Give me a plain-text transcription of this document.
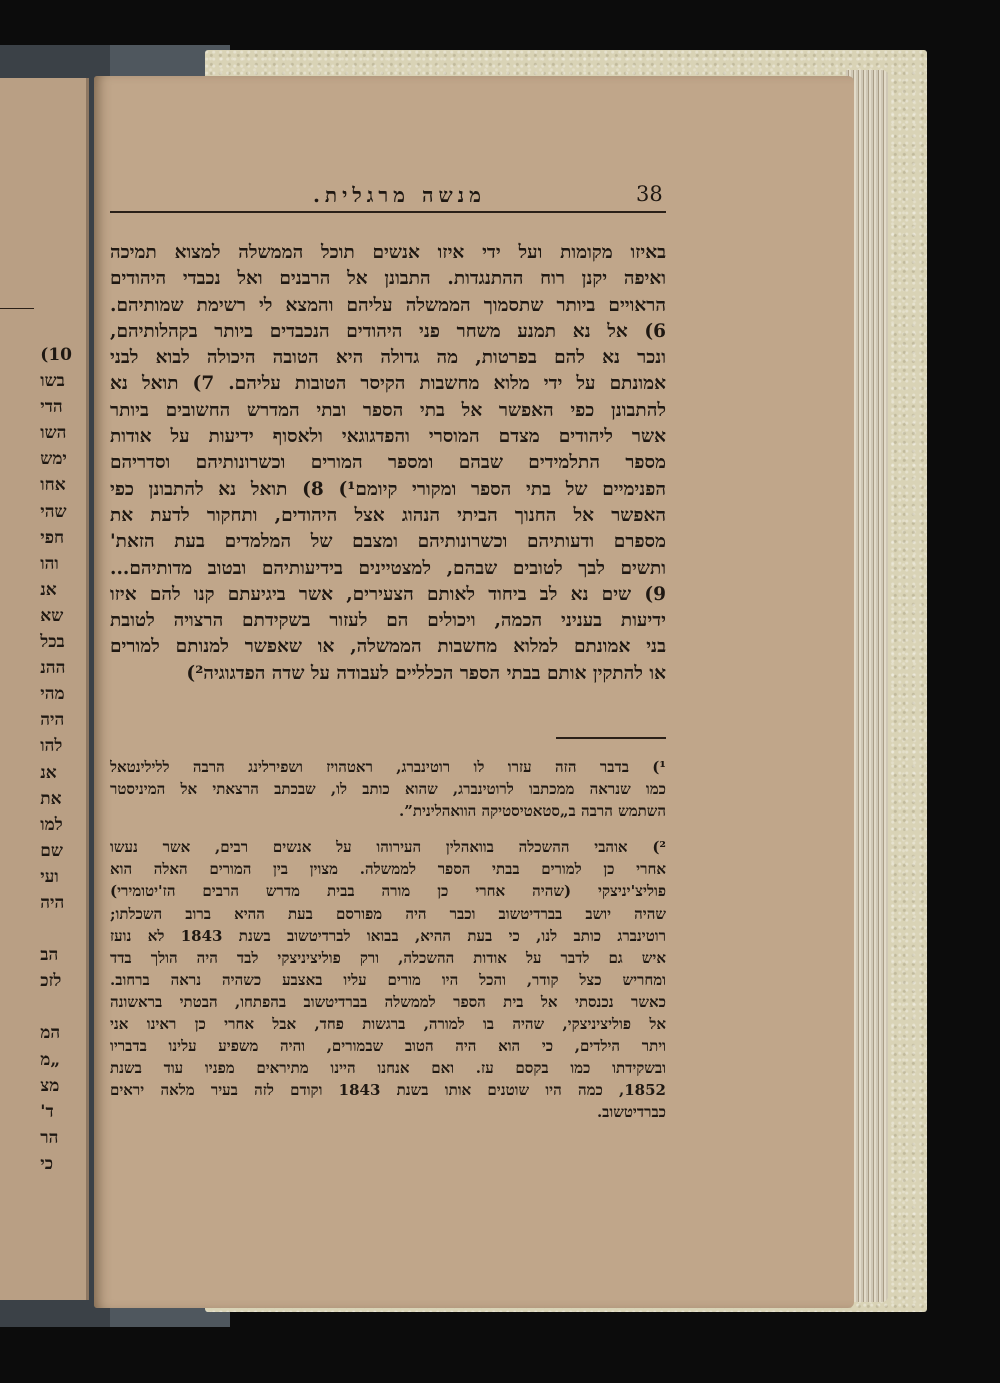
10)
בשו
הדי
השו
ימש
אחו
שהי
חפי
והו
אנ
שא
בכל
ההנ
מהי
היה
להו
אנ
את
למו
שם
ועי
היה

הב
לזכ

המ
„מ
מצ
ד'
הר
כי
38
מנשה מרגלית.
באיזו מקומות ועל ידי איזו אנשים תוכל הממשלה למצוא תמיכה
ואיפה יקנן רוח ההתנגדות. התבונן אל הרבנים ואל נכבדי היהודים
הראויים ביותר שתסמוך הממשלה עליהם והמצא לי רשימת שמותיהם.
6) אל נא תמנע משחר פני היהודים הנכבדים ביותר בקהלותיהם,
ונכר נא להם בפרטות, מה גדולה היא הטובה היכולה לבוא לבני
אמונתם על ידי מלוא מחשבות הקיסר הטובות עליהם. 7) תואל נא
להתבונן כפי האפשר אל בתי הספר ובתי המדרש החשובים ביותר
אשר ליהודים מצדם המוסרי והפדגוגאי ולאסוף ידיעות על אודות
מספר התלמידים שבהם ומספר המורים וכשרונותיהם וסדריהם
הפנימיים של בתי הספר ומקורי קיומם¹) 8) תואל נא להתבונן כפי
האפשר אל החנוך הביתי הנהוג אצל היהודים, ותחקור לדעת את
מספרם ודעותיהם וכשרונותיהם ומצבם של המלמדים בעת הזאת'
ותשים לבך לטובים שבהם, למצטיינים בידיעותיהם ובטוב מדותיהם...
9) שים נא לב ביחוד לאותם הצעירים, אשר ביגיעתם קנו להם איזו
ידיעות בעניני הכמה, ויכולים הם לעזור בשקידתם הרצויה לטובת
בני אמונתם למלוא מחשבות הממשלה, או שאפשר למנותם למורים
או להתקין אותם בבתי הספר הכלליים לעבודה על שדה הפדגוגיה²)
¹) בדבר הזה עזרו לו רוטינברג, ראטהויז ושפירלינג הרבה ללילינטאל
כמו שנראה ממכתבו לרוטינברג, שהוא כותב לו, שבכתב הרצאתי אל המיניסטר
השתמש הרבה ב„סטאטיסטיקה הוואהלינית”.
²) אוהבי ההשכלה בוואהלין העירוהו על אנשים רבים, אשר נעשו
אחרי כן למורים בבתי הספר לממשלה. מצוין בין המורים האלה הוא
פוליצ'יניצקי (שהיה אחרי כן מורה בבית מדרש הרבים הז'יטומירי)
שהיה יושב בברדיטשוב וכבר היה מפורסם בעת ההיא ברוב השכלתו;
רוטינברג כותב לנו, כי בעת ההיא, בבואו לברדיטשוב בשנת 1843 לא נועז
איש גם לדבר על אודות ההשכלה, ורק פוליציניצקי לבד היה הולך בדד
ומחריש כצל קודר, והכל היו מורים עליו באצבע כשהיה נראה ברחוב.
כאשר נכנסתי אל בית הספר לממשלה בברדיטשוב בהפתחו, הבטתי בראשונה
אל פוליציניצקי, שהיה בו למורה, ברגשות פחד, אבל אחרי כן ראינו אני
ויתר הילדים, כי הוא היה הטוב שבמורים, והיה משפיע עלינו בדבריו
ובשקידתו כמו בקסם עז. ואם אנחנו היינו מתיראים מפניו עוד בשנת
1852, כמה היו שוטנים אותו בשנת 1843 וקודם לזה בעיר מלאה יראים
כברדיטשוב.
